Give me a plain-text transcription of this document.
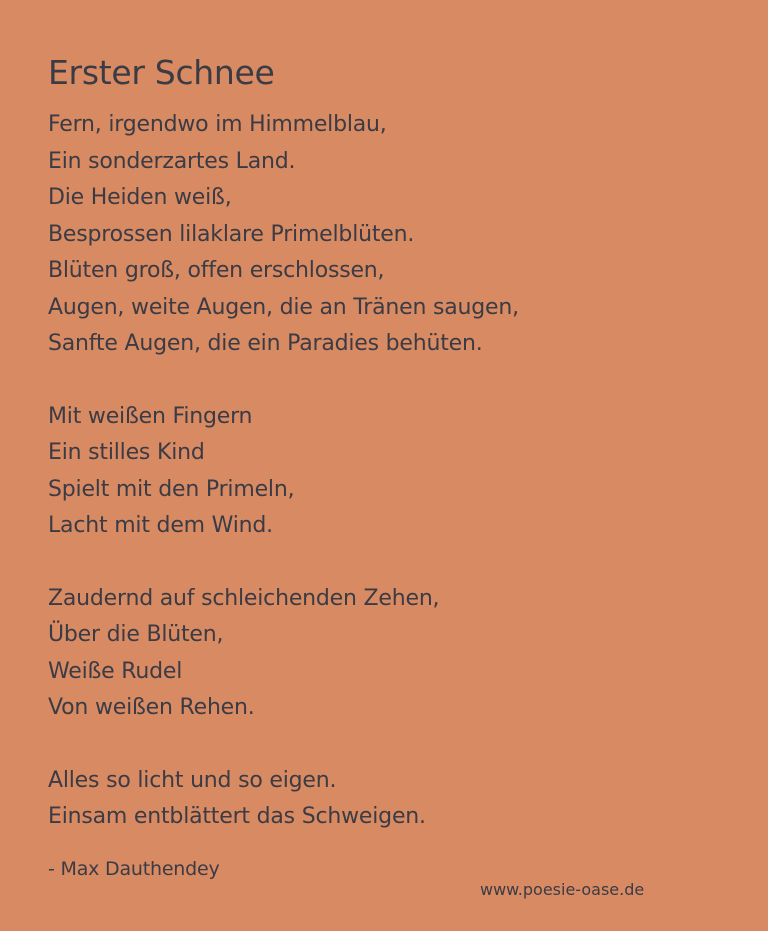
Erster Schnee

Fern, irgendwo im Himmelblau,
Ein sonderzartes Land.
Die Heiden weiß,
Besprossen lilaklare Primelblüten.
Blüten groß, offen erschlossen,
Augen, weite Augen, die an Tränen saugen,
Sanfte Augen, die ein Paradies behüten.

Mit weißen Fingern
Ein stilles Kind
Spielt mit den Primeln,
Lacht mit dem Wind.

Zaudernd auf schleichenden Zehen,
Über die Blüten,
Weiße Rudel
Von weißen Rehen.

Alles so licht und so eigen.
Einsam entblättert das Schweigen.

- Max Dauthendey
www.poesie-oase.de
